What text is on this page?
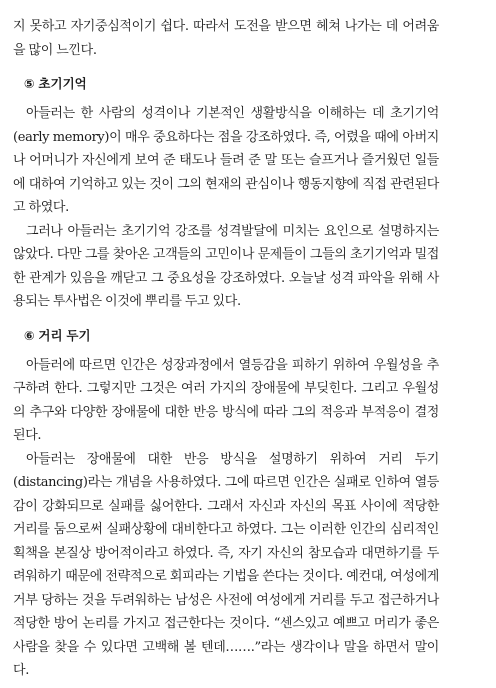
지 못하고 자기중심적이기 쉽다. 따라서 도전을 받으면 헤쳐 나가는 데 어려움을 많이 느낀다.

⑤ 초기기억

아들러는 한 사람의 성격이나 기본적인 생활방식을 이해하는 데 초기기억(early memory)이 매우 중요하다는 점을 강조하였다. 즉, 어렸을 때에 아버지나 어머니가 자신에게 보여 준 태도나 들려 준 말 또는 슬프거나 즐거웠던 일들에 대하여 기억하고 있는 것이 그의 현재의 관심이나 행동지향에 직접 관련된다고 하였다.

그러나 아들러는 초기기억 강조를 성격발달에 미치는 요인으로 설명하지는 않았다. 다만 그를 찾아온 고객들의 고민이나 문제들이 그들의 초기기억과 밀접한 관계가 있음을 깨닫고 그 중요성을 강조하였다. 오늘날 성격 파악을 위해 사용되는 투사법은 이것에 뿌리를 두고 있다.

⑥ 거리 두기

아들러에 따르면 인간은 성장과정에서 열등감을 피하기 위하여 우월성을 추구하려 한다. 그렇지만 그것은 여러 가지의 장애물에 부딪힌다. 그리고 우월성의 추구와 다양한 장애물에 대한 반응 방식에 따라 그의 적응과 부적응이 결정된다.

아들러는 장애물에 대한 반응 방식을 설명하기 위하여 거리 두기(distancing)라는 개념을 사용하였다. 그에 따르면 인간은 실패로 인하여 열등감이 강화되므로 실패를 싫어한다. 그래서 자신과 자신의 목표 사이에 적당한 거리를 둠으로써 실패상황에 대비한다고 하였다. 그는 이러한 인간의 심리적인 획책을 본질상 방어적이라고 하였다. 즉, 자기 자신의 참모습과 대면하기를 두려워하기 때문에 전략적으로 회피라는 기법을 쓴다는 것이다. 예컨대, 여성에게 거부 당하는 것을 두려워하는 남성은 사전에 여성에게 거리를 두고 접근하거나 적당한 방어 논리를 가지고 접근한다는 것이다. “센스있고 예쁘고 머리가 좋은 사람을 찾을 수 있다면 고백해 볼 텐데…….”라는 생각이나 말을 하면서 말이다.
